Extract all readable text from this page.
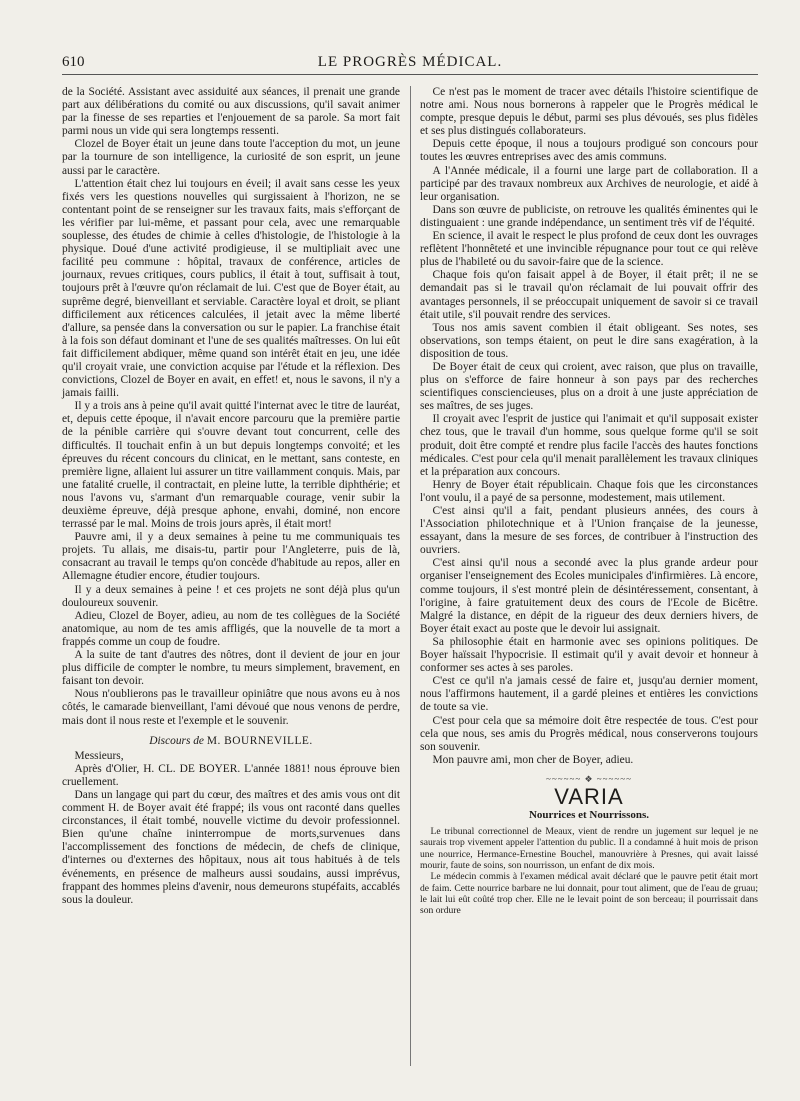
610	LE PROGRÈS MÉDICAL.

de la Société. Assistant avec assiduité aux séances, il prenait une grande part aux délibérations du comité ou aux discussions, qu'il savait animer par la finesse de ses reparties et l'enjouement de sa parole. Sa mort fait parmi nous un vide qui sera longtemps ressenti.

Clozel de Boyer était un jeune dans toute l'acception du mot, un jeune par la tournure de son intelligence, la curiosité de son esprit, un jeune aussi par le caractère.

L'attention était chez lui toujours en éveil; il avait sans cesse les yeux fixés vers les questions nouvelles qui surgissaient à l'horizon, ne se contentant point de se renseigner sur les travaux faits, mais s'efforçant de les vérifier par lui-même, et passant pour cela, avec une remarquable souplesse, des études de chimie à celles d'histologie, de l'histologie à la physique. Doué d'une activité prodigieuse, il se multipliait avec une facilité peu commune : hôpital, travaux de conférence, articles de journaux, revues critiques, cours publics, il était à tout, suffisait à tout, toujours prêt à l'œuvre qu'on réclamait de lui. C'est que de Boyer était, au suprême degré, bienveillant et serviable. Caractère loyal et droit, se pliant difficilement aux réticences calculées, il jetait avec la même liberté d'allure, sa pensée dans la conversation ou sur le papier. La franchise était à la fois son défaut dominant et l'une de ses qualités maîtresses. On lui eût fait difficilement abdiquer, même quand son intérêt était en jeu, une idée qu'il croyait vraie, une conviction acquise par l'étude et la réflexion. Des convictions, Clozel de Boyer en avait, en effet! et, nous le savons, il n'y a jamais failli.

Il y a trois ans à peine qu'il avait quitté l'internat avec le titre de lauréat, et, depuis cette époque, il n'avait encore parcouru que la première partie de la pénible carrière qui s'ouvre devant tout concurrent, celle des difficultés. Il touchait enfin à un but depuis longtemps convoité; et les épreuves du récent concours du clinicat, en le mettant, sans conteste, en première ligne, allaient lui assurer un titre vaillamment conquis. Mais, par une fatalité cruelle, il contractait, en pleine lutte, la terrible diphthérie; et nous l'avons vu, s'armant d'un remarquable courage, venir subir la deuxième épreuve, déjà presque aphone, envahi, dominé, non encore terrassé par le mal. Moins de trois jours après, il était mort!

Pauvre ami, il y a deux semaines à peine tu me communiquais tes projets. Tu allais, me disais-tu, partir pour l'Angleterre, puis de là, consacrant au travail le temps qu'on concède d'habitude au repos, aller en Allemagne étudier encore, étudier toujours.

Il y a deux semaines à peine ! et ces projets ne sont déjà plus qu'un douloureux souvenir.

Adieu, Clozel de Boyer, adieu, au nom de tes collègues de la Société anatomique, au nom de tes amis affligés, que la nouvelle de ta mort a frappés comme un coup de foudre.

A la suite de tant d'autres des nôtres, dont il devient de jour en jour plus difficile de compter le nombre, tu meurs simplement, bravement, en faisant ton devoir.

Nous n'oublierons pas le travailleur opiniâtre que nous avons eu à nos côtés, le camarade bienveillant, l'ami dévoué que nous venons de perdre, mais dont il nous reste et l'exemple et le souvenir.

Discours de M. BOURNEVILLE.

Messieurs,

Après d'Olier, H. CL. DE BOYER. L'année 1881! nous éprouve bien cruellement.

Dans un langage qui part du cœur, des maîtres et des amis vous ont dit comment H. de Boyer avait été frappé; ils vous ont raconté dans quelles circonstances, il était tombé, nouvelle victime du devoir professionnel. Bien qu'une chaîne ininterrompue de morts,survenues dans l'accomplissement des fonctions de médecin, de chefs de clinique, d'internes ou d'externes des hôpitaux, nous ait tous habitués à de tels événements, en présence de malheurs aussi soudains, aussi imprévus, frappant des hommes pleins d'avenir, nous demeurons stupéfaits, accablés sous la douleur.

Ce n'est pas le moment de tracer avec détails l'histoire scientifique de notre ami. Nous nous bornerons à rappeler que le Progrès médical le compte, presque depuis le début, parmi ses plus dévoués, ses plus fidèles et ses plus distingués collaborateurs.

Depuis cette époque, il nous a toujours prodigué son concours pour toutes les œuvres entreprises avec des amis communs.

A l'Année médicale, il a fourni une large part de collaboration. Il a participé par des travaux nombreux aux Archives de neurologie, et aidé à leur organisation.

Dans son œuvre de publiciste, on retrouve les qualités éminentes qui le distinguaient : une grande indépendance, un sentiment très vif de l'équité.

En science, il avait le respect le plus profond de ceux dont les ouvrages reflètent l'honnêteté et une invincible répugnance pour tout ce qui relève plus de l'habileté ou du savoir-faire que de la science.

Chaque fois qu'on faisait appel à de Boyer, il était prêt; il ne se demandait pas si le travail qu'on réclamait de lui pouvait offrir des avantages personnels, il se préoccupait uniquement de savoir si ce travail était utile, s'il pouvait rendre des services.

Tous nos amis savent combien il était obligeant. Ses notes, ses observations, son temps étaient, on peut le dire sans exagération, à la disposition de tous.

De Boyer était de ceux qui croient, avec raison, que plus on travaille, plus on s'efforce de faire honneur à son pays par des recherches scientifiques consciencieuses, plus on a droit à une juste appréciation de ses maîtres, de ses juges.

Il croyait avec l'esprit de justice qui l'animait et qu'il supposait exister chez tous, que le travail d'un homme, sous quelque forme qu'il se soit produit, doit être compté et rendre plus facile l'accès des hautes fonctions médicales. C'est pour cela qu'il menait parallèlement les travaux cliniques et la préparation aux concours.

Henry de Boyer était républicain. Chaque fois que les circonstances l'ont voulu, il a payé de sa personne, modestement, mais utilement.

C'est ainsi qu'il a fait, pendant plusieurs années, des cours à l'Association philotechnique et à l'Union française de la jeunesse, essayant, dans la mesure de ses forces, de contribuer à l'instruction des ouvriers.

C'est ainsi qu'il nous a secondé avec la plus grande ardeur pour organiser l'enseignement des Ecoles municipales d'infirmières. Là encore, comme toujours, il s'est montré plein de désintéressement, consentant, à l'origine, à faire gratuitement deux des cours de l'Ecole de Bicêtre. Malgré la distance, en dépit de la rigueur des deux derniers hivers, de Boyer était exact au poste que le devoir lui assignait.

Sa philosophie était en harmonie avec ses opinions politiques. De Boyer haïssait l'hypocrisie. Il estimait qu'il y avait devoir et honneur à conformer ses actes à ses paroles.

C'est ce qu'il n'a jamais cessé de faire et, jusqu'au dernier moment, nous l'affirmons hautement, il a gardé pleines et entières les convictions de toute sa vie.

C'est pour cela que sa mémoire doit être respectée de tous. C'est pour cela que nous, ses amis du Progrès médical, nous conserverons toujours son souvenir.

Mon pauvre ami, mon cher de Boyer, adieu.

~~~~~~ ❖ ~~~~~~
VARIA
Nourrices et Nourrissons.

Le tribunal correctionnel de Meaux, vient de rendre un jugement sur lequel je ne saurais trop vivement appeler l'attention du public. Il a condamné à huit mois de prison une nourrice, Hermance-Ernestine Bouchel, manouvrière à Presnes, qui avait laissé mourir, faute de soins, son nourrisson, un enfant de dix mois.

Le médecin commis à l'examen médical avait déclaré que le pauvre petit était mort de faim. Cette nourrice barbare ne lui donnait, pour tout aliment, que de l'eau de gruau; le lait lui eût coûté trop cher. Elle ne le levait point de son berceau; il pourrissait dans son ordure
